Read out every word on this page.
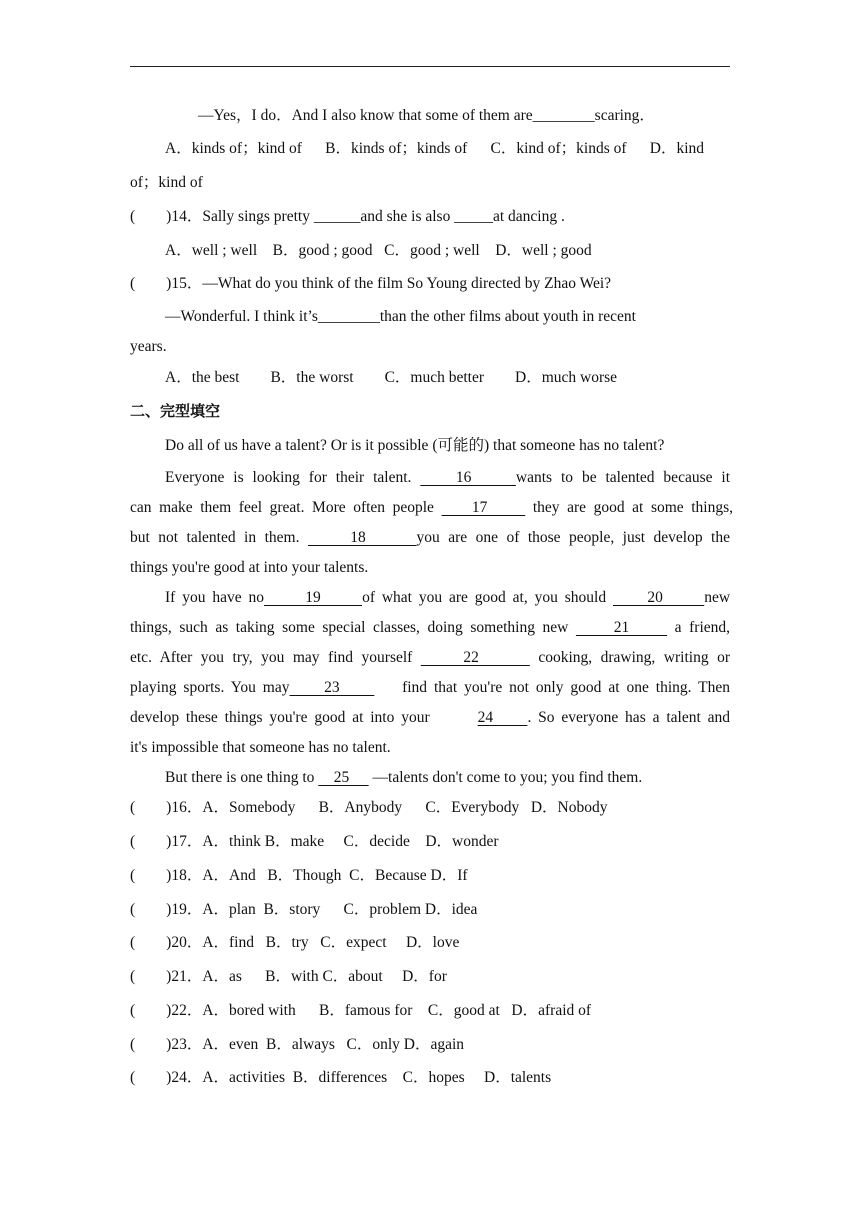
—Yes，I do．And I also know that some of them are________scaring．
A．kinds of；kind of      B．kinds of；kinds of      C．kind of；kinds of      D．kind
of；kind of
(        )14．Sally sings pretty ______and she is also _____at dancing .
A．well ; well    B．good ; good   C．good ; well    D．well ; good
(        )15．—What do you think of the film So Young directed by Zhao Wei?
—Wonderful. I think it’s________than the other films about youth in recent
years.
A．the best        B．the worst        C．much better        D．much worse
二、完型填空
Do all of us have a talent? Or is it possible (可能的) that someone has no talent?
Everyone is looking for their talent.     16     wants to be talented because it
can make them feel great. More often people     17      they are good at some things,
but not talented in them.      18      you are one of those people, just develop the
things you're good at into your talents.
If you have no      19      of what you are good at, you should      20      new
things, such as taking some special classes, doing something new      21      a friend,
etc. After you try, you may find yourself      22       cooking, drawing, writing or
playing sports. You may     23         find that you're not only good at one thing. Then
develop these things you're good at into your       24     . So everyone has a talent and
it's impossible that someone has no talent.
But there is one thing to     25      —talents don't come to you; you find them.
(        )16．A．Somebody      B．Anybody      C．Everybody   D．Nobody
(        )17．A．think B．make     C．decide    D．wonder
(        )18．A．And   B．Though  C．Because D．If
(        )19．A．plan  B．story      C．problem D．idea
(        )20．A．find   B．try   C．expect     D．love
(        )21．A．as      B．with C．about     D．for
(        )22．A．bored with      B．famous for    C．good at   D．afraid of
(        )23．A．even  B．always   C．only D．again
(        )24．A．activities  B．differences    C．hopes     D．talents
